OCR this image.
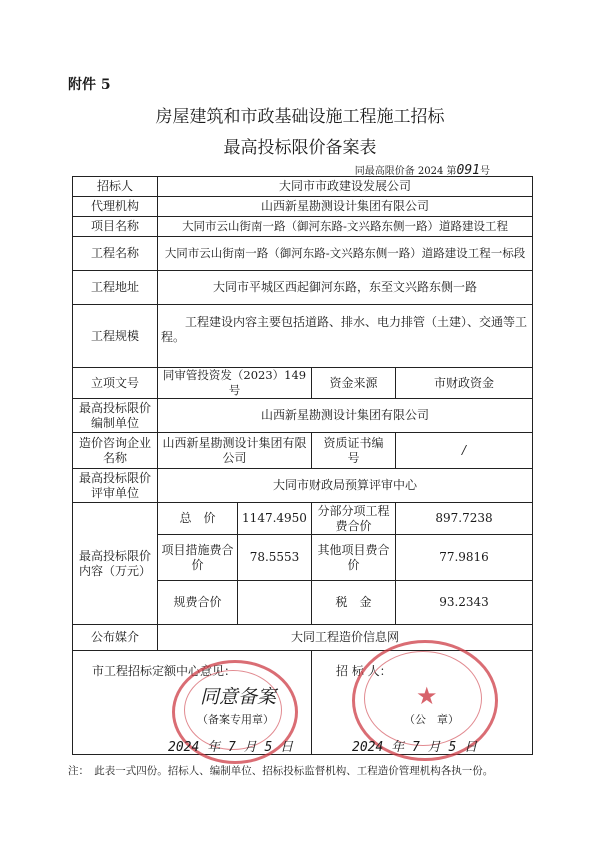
附件 5
房屋建筑和市政基础设施工程施工招标
最高投标限价备案表
同最高限价备 2024 第091号
招标人	大同市市政建设发展公司			
代理机构	山西新星勘测设计集团有限公司			
项目名称	大同市云山街南一路（御河东路-文兴路东侧一路）道路建设工程			
工程名称	大同市云山街南一路（御河东路-文兴路东侧一路）道路建设工程一标段			
工程地址	大同市平城区西起御河东路，东至文兴路东侧一路			
工程规模	工程建设内容主要包括道路、排水、电力排管（土建）、交通等工程。			
立项文号	同审管投资发（2023）149 号		资金来源	市财政资金
最高投标限价编制单位	山西新星勘测设计集团有限公司			
造价咨询企业名称	山西新星勘测设计集团有限公司		资质证书编　　号	/
最高投标限价评审单位	大同市财政局预算评审中心			
最高投标限价内容（万元）	总　价	1147.4950	分部分项工程费合价	897.7238
	项目措施费合　价	78.5553	其他项目费合　价	77.9816
	规费合价		税　金	93.2343
公布媒介	大同工程造价信息网			

市工程招标定额中心意见：	招 标 人：
同意备案
（备案专用章）
2024 年 7 月 5 日
★
（公　章）
2024 年 7 月 5 日
注：　此表一式四份。招标人、编制单位、招标投标监督机构、工程造价管理机构各执一份。
